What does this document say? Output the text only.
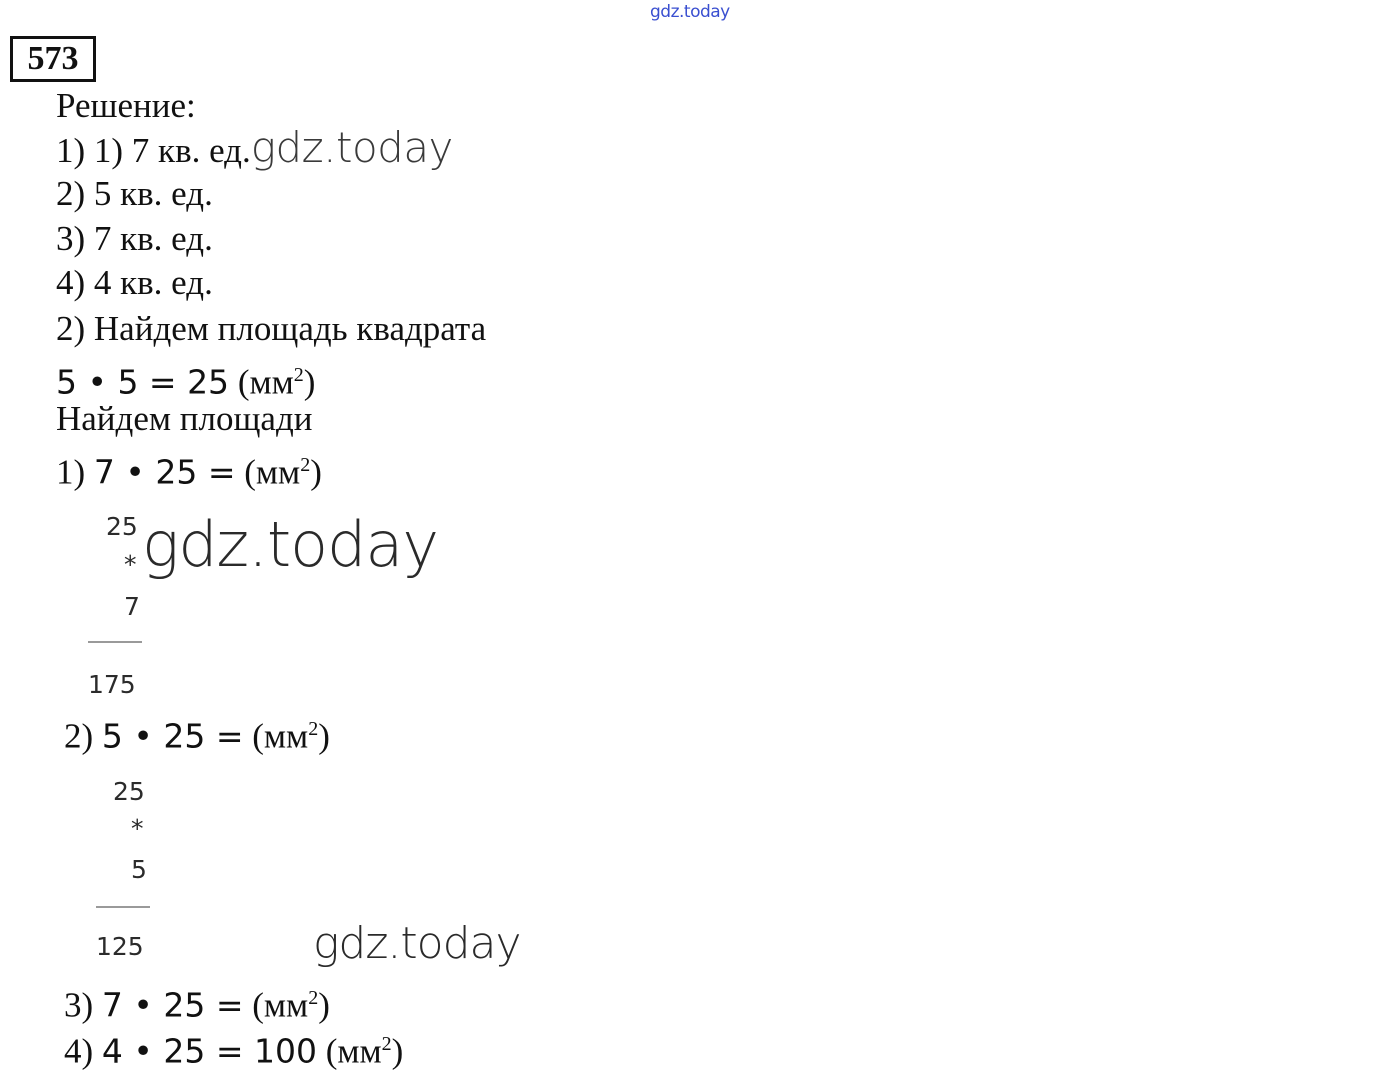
gdz.today
573
Решение:
1) 1) 7 кв. ед.gdz.today
2) 5 кв. ед.
3) 7 кв. ед.
4) 4 кв. ед.
2) Найдем площадь квадрата
5 • 5 = 25 $(мм^2)$
Найдем площади
1) 7 • $25 = (мм^2)$
25
*
7
175
gdz.today
2) 5 • $25 = (мм^2)$
25
*
5
125	gdz.today
3) 7 • $25 = (мм^2)$
4) 4 • 25 = 100 $(мм^2)$
